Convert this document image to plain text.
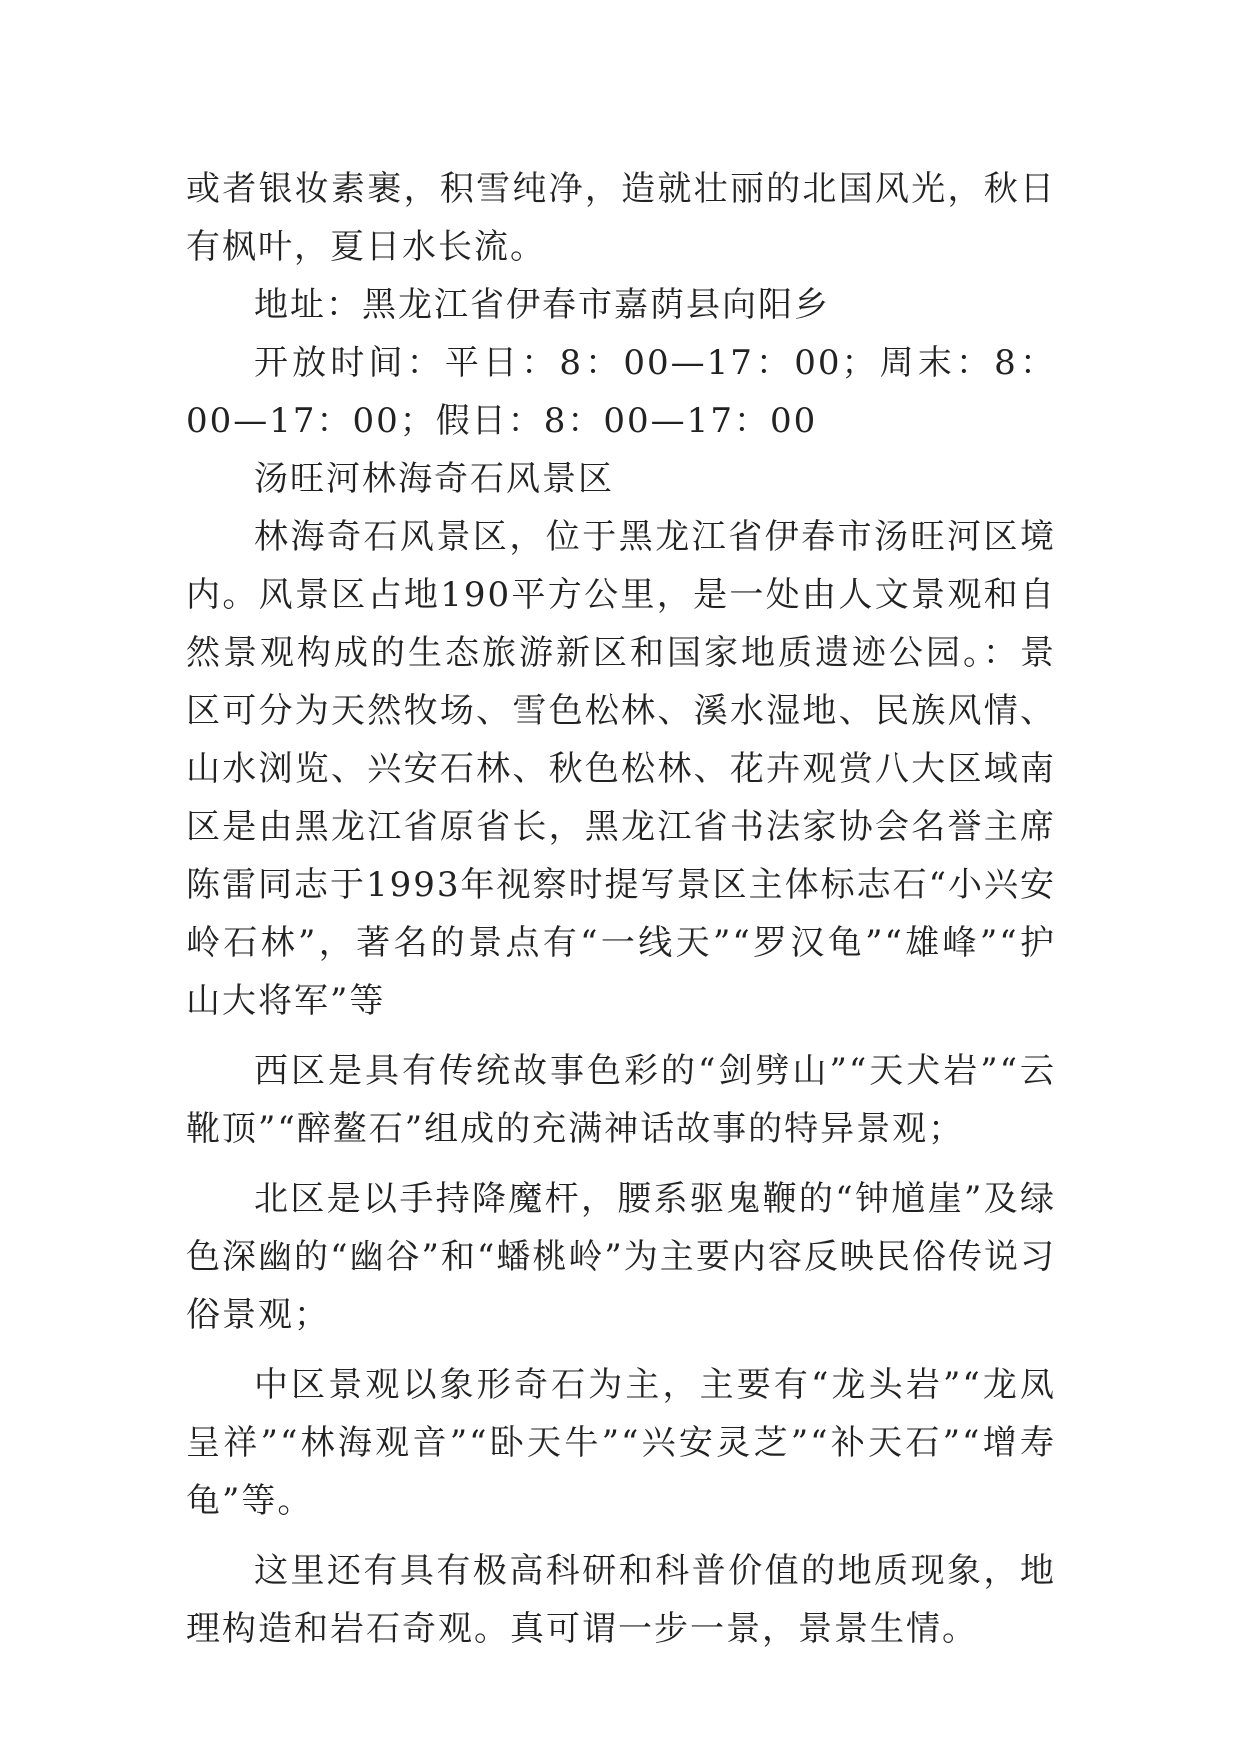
或者银妆素裹，积雪纯净，造就壮丽的北国风光，秋日有枫叶，夏日水长流。

地址：黑龙江省伊春市嘉荫县向阳乡

开放时间：平日：8：00—17：00；周末：8：00—17：00；假日：8：00—17：00

汤旺河林海奇石风景区

林海奇石风景区，位于黑龙江省伊春市汤旺河区境内。风景区占地190平方公里，是一处由人文景观和自然景观构成的生态旅游新区和国家地质遗迹公园。：景区可分为天然牧场、雪色松林、溪水湿地、民族风情、山水浏览、兴安石林、秋色松林、花卉观赏八大区域南区是由黑龙江省原省长，黑龙江省书法家协会名誉主席陈雷同志于1993年视察时提写景区主体标志石“小兴安岭石林”，著名的景点有“一线天”“罗汉龟”“雄峰”“护山大将军”等

西区是具有传统故事色彩的“剑劈山”“天犬岩”“云靴顶”“醉鳌石”组成的充满神话故事的特异景观；

北区是以手持降魔杆，腰系驱鬼鞭的“钟馗崖”及绿色深幽的“幽谷”和“蟠桃岭”为主要内容反映民俗传说习俗景观；

中区景观以象形奇石为主，主要有“龙头岩”“龙凤呈祥”“林海观音”“卧天牛”“兴安灵芝”“补天石”“增寿龟”等。

这里还有具有极高科研和科普价值的地质现象，地理构造和岩石奇观。真可谓一步一景，景景生情。
